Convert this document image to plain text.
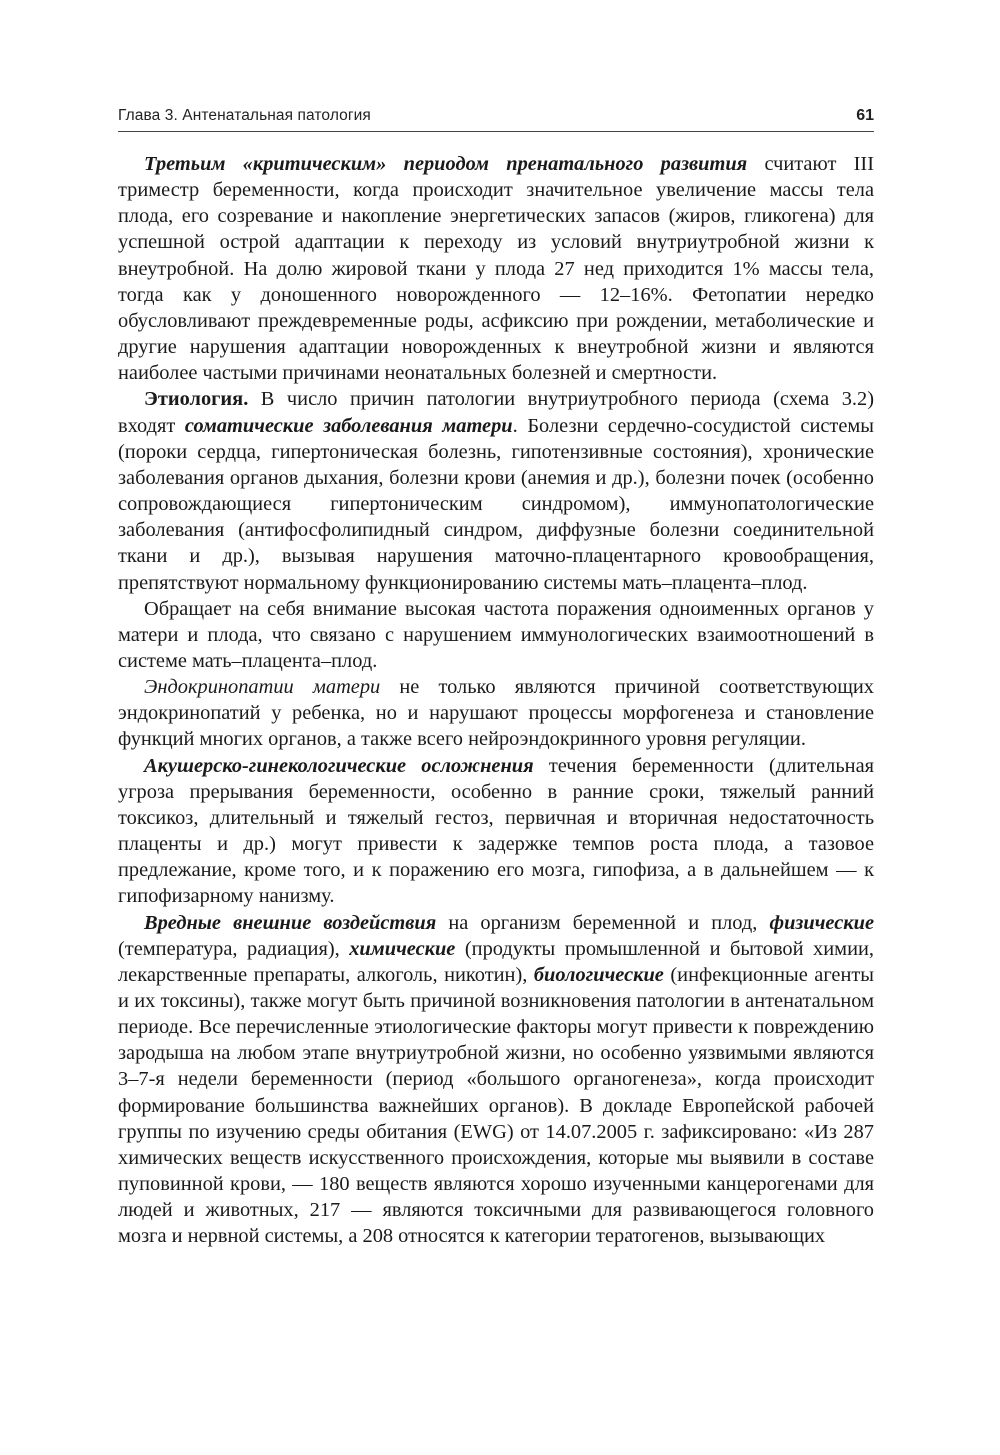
Глава 3. Антенатальная патология	61

Третьим «критическим» периодом пренатального развития считают III триместр беременности, когда происходит значительное увеличение массы тела плода, его созревание и накопление энергетических запасов (жиров, гликогена) для успешной острой адаптации к переходу из условий внутриутробной жизни к внеутробной. На долю жировой ткани у плода 27 нед приходится 1% массы тела, тогда как у доношенного новорожденного — 12–16%. Фетопатии нередко обусловливают преждевременные роды, асфиксию при рождении, метаболические и другие нарушения адаптации новорожденных к внеутробной жизни и являются наиболее частыми причинами неонатальных болезней и смертности.

Этиология. В число причин патологии внутриутробного периода (схема 3.2) входят соматические заболевания матери. Болезни сердечно-сосудистой системы (пороки сердца, гипертоническая болезнь, гипотензивные состояния), хронические заболевания органов дыхания, болезни крови (анемия и др.), болезни почек (особенно сопровождающиеся гипертоническим синдромом), иммунопатологические заболевания (антифосфолипидный синдром, диффузные болезни соединительной ткани и др.), вызывая нарушения маточно-плацентарного кровообращения, препятствуют нормальному функционированию системы мать–плацента–плод.

Обращает на себя внимание высокая частота поражения одноименных органов у матери и плода, что связано с нарушением иммунологических взаимоотношений в системе мать–плацента–плод.

Эндокринопатии матери не только являются причиной соответствующих эндокринопатий у ребенка, но и нарушают процессы морфогенеза и становление функций многих органов, а также всего нейроэндокринного уровня регуляции.

Акушерско-гинекологические осложнения течения беременности (длительная угроза прерывания беременности, особенно в ранние сроки, тяжелый ранний токсикоз, длительный и тяжелый гестоз, первичная и вторичная недостаточность плаценты и др.) могут привести к задержке темпов роста плода, а тазовое предлежание, кроме того, и к поражению его мозга, гипофиза, а в дальнейшем — к гипофизарному нанизму.

Вредные внешние воздействия на организм беременной и плод, физические (температура, радиация), химические (продукты промышленной и бытовой химии, лекарственные препараты, алкоголь, никотин), биологические (инфекционные агенты и их токсины), также могут быть причиной возникновения патологии в антенатальном периоде. Все перечисленные этиологические факторы могут привести к повреждению зародыша на любом этапе внутриутробной жизни, но особенно уязвимыми являются 3–7-я недели беременности (период «большого органогенеза», когда происходит формирование большинства важнейших органов). В докладе Европейской рабочей группы по изучению среды обитания (EWG) от 14.07.2005 г. зафиксировано: «Из 287 химических веществ искусственного происхождения, которые мы выявили в составе пуповинной крови, — 180 веществ являются хорошо изученными канцерогенами для людей и животных, 217 — являются токсичными для развивающегося головного мозга и нервной системы, а 208 относятся к категории тератогенов, вызывающих
